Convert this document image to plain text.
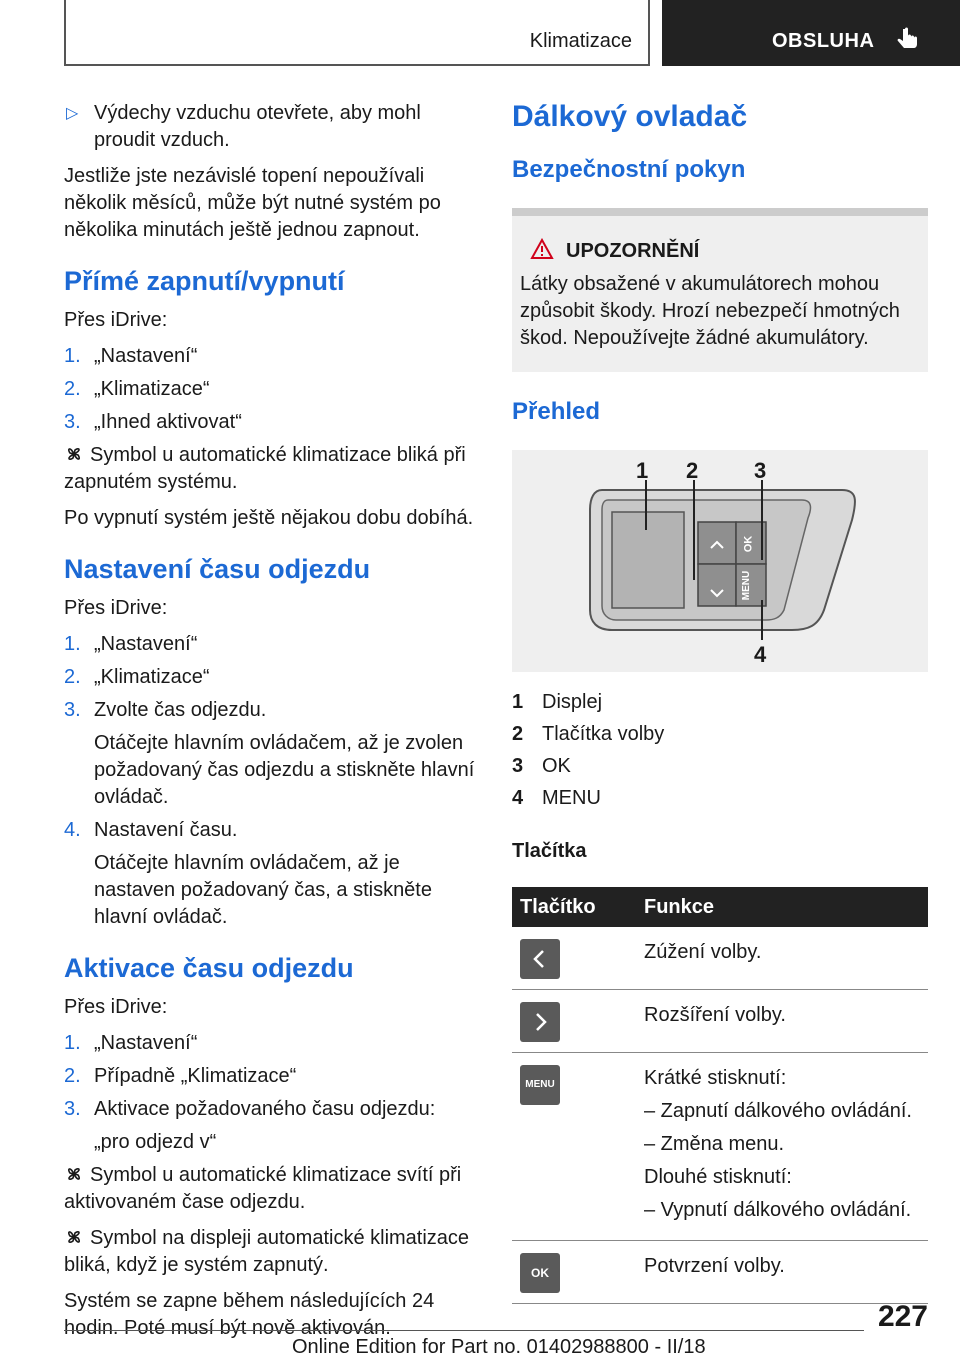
Klimatizace	OBSLUHA
▷ Výdechy vzduchu otevřete, aby mohl proudit vzduch.

Jestliže jste nezávislé topení nepoužívali několik měsíců, může být nutné systém po několika minutách ještě jednou zapnout.

Přímé zapnutí/vypnutí

Přes iDrive:

1. „Nastavení“
2. „Klimatizace“
3. „Ihned aktivovat“

Symbol u automatické klimatizace bliká při zapnutém systému.

Po vypnutí systém ještě nějakou dobu dobíhá.

Nastavení času odjezdu

Přes iDrive:

1. „Nastavení“
2. „Klimatizace“
3. Zvolte čas odjezdu.
Otáčejte hlavním ovládačem, až je zvolen požadovaný čas odjezdu a stiskněte hlavní ovládač.
4. Nastavení času.
Otáčejte hlavním ovládačem, až je nastaven požadovaný čas, a stiskněte hlavní ovládač.
Aktivace času odjezdu

Přes iDrive:

1. „Nastavení“
2. Případně „Klimatizace“
3. Aktivace požadovaného času odjezdu:
„pro odjezd v“

Symbol u automatické klimatizace svítí při aktivovaném čase odjezdu.

Symbol na displeji automatické klimatizace bliká, když je systém zapnutý.

Systém se zapne během následujících 24 hodin. Poté musí být nově aktivován.

Dálkový ovladač
Bezpečnostní pokyn
UPOZORNĚNÍ
Látky obsažené v akumulátorech mohou způsobit škody. Hrozí nebezpečí hmotných škod. Nepoužívejte žádné akumulátory.
Přehled
1 2	3
4
OK
MENU
1 Displej
2 Tlačítka volby
3 OK
4 MENU
Tlačítka
Tlačítko	Funkce

	Zúžení volby.

	Rozšíření volby.

MENU	Krátké stisknutí:

– Zapnutí dálkového ovládání.

– Změna menu.

Dlouhé stisknutí:

– Vypnutí dálkového ovládání.

OK	Potvrzení volby.
227
Online Edition for Part no. 01402988800 - II/18
